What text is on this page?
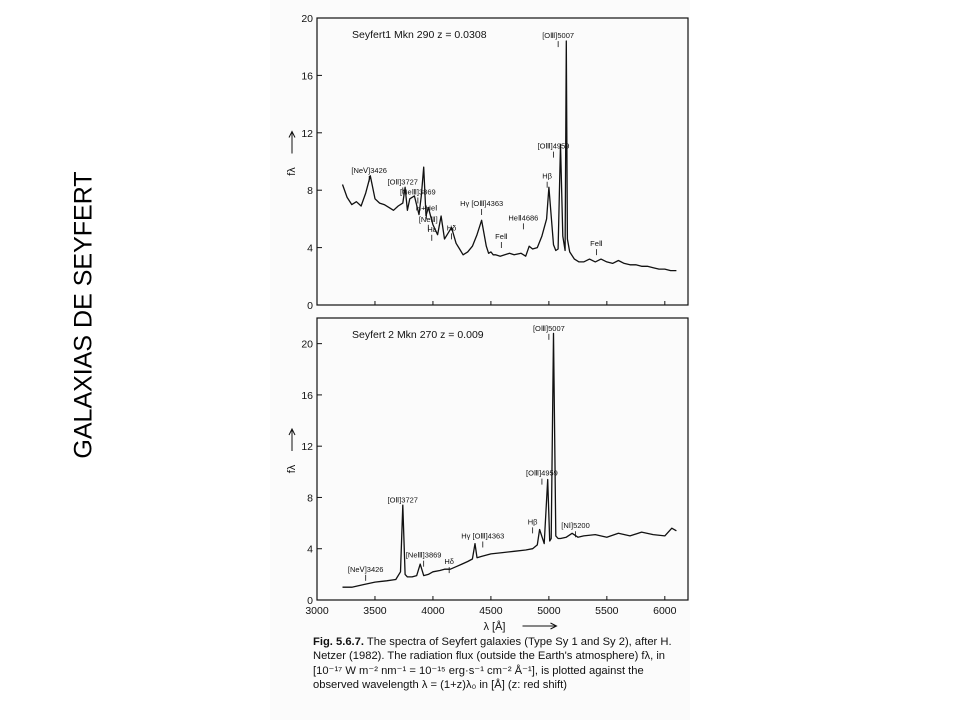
GALAXIAS DE SEYFERT	0
4
8
12
16
20
Seyfert1 Mkn 290 z = 0.0308
fλ	[NeⅤ]3426
[OⅡ]3727
[NeⅢ]3869
H+HeⅠ
[NeⅢ]
Hε Hδ
Hγ [OⅢ]4363
HeⅡ4686
FeⅡ
Hβ
[OⅢ]4959
[OⅢ]5007
FeⅡ
0
4
8
12
16
20
3000	3500	4000	4500	5000	5500	6000
Seyfert 2 Mkn 270 z = 0.009
fλ
λ [Å]
[NeⅤ]3426
[OⅡ]3727
[NeⅢ]3869
Hδ
Hγ [OⅢ]4363
Hβ
[OⅢ]4959
[OⅢ]5007
[NⅠ]5200
Fig. 5.6.7. The spectra of Seyfert galaxies (Type Sy 1 and Sy 2), after H. Netzer (1982). The radiation flux (outside the Earth's atmosphere) fλ, in [10⁻¹⁷ W m⁻² nm⁻¹ = 10⁻¹⁵ erg·s⁻¹ cm⁻² Å⁻¹], is plotted against the observed wavelength λ = (1+z)λ₀ in [Å] (z: red shift)
